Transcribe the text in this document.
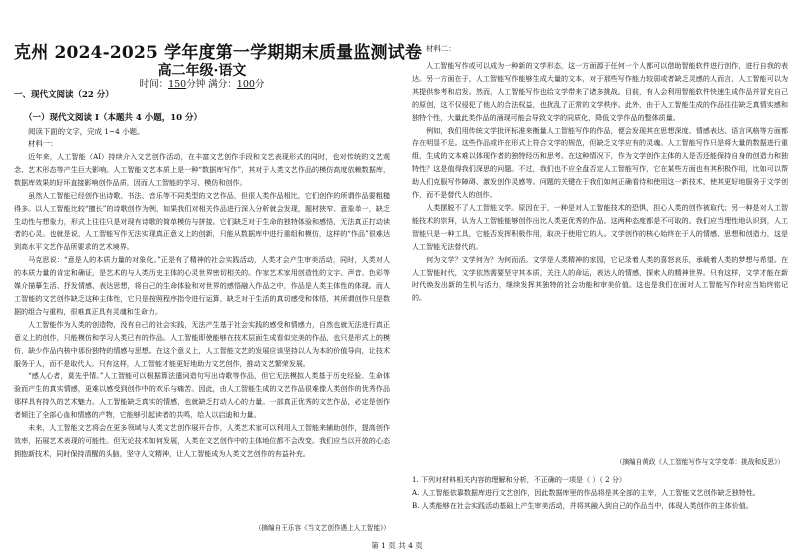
克州 2024-2025 学年度第一学期期末质量监测试卷
高二年级·语文
时间：150分钟 满分：100分
一、现代文阅读（22 分）
（一）现代文阅读 I（本题共 4 小题，10 分）
阅读下面的文字，完成 1~4 小题。
材料一：

近年来，人工智能（AI）持续介入文艺创作活动，在丰富文艺创作手段和文艺表现形式的同时，也对传统的文艺观念、艺术形态等产生巨大影响。人工智能文艺本质上是一种“数据库写作”，其对于人类文艺作品的模仿高度依赖数据库，数据库效果的好坏直接影响创作品质，因而人工智能的学习、模仿和创作。

虽然人工智能已经创作出诗歌、书法、音乐等不同类型的文艺作品，但很人类作品相比，它们创作的所谓作品要粗糙得多。以人工智能比较“擅长”的诗歌创作为例，如果我们对相关作品进行深入分析就会发现，题材狭窄、意象单一，缺乏生动性与想象力，形式上往往只是对现有诗歌的简单模仿与拼接。它们缺乏对于生命的独特体验和感悟，无法真正打动读者的心灵。也就是说，人工智能写作无法实现真正意义上的创新，只能从数据库中进行重组和模仿，这样的“作品”很难达到高水平文艺作品所要求的艺术境界。

马克思说：“意是人的本质力量的对象化。”正是有了精神的社会实践活动，人类才会产生审美活动，同时，人类对人的本质力量的肯定和确证，是艺术的与人类历史主体的心灵世界密切相关的。作家艺术家用创造性的文字、声音、色彩等媒介描摹生活、抒发情感、表达思想，将自己的生命体验和对世界的感悟融入作品之中，作品是人类主体性的体现。而人工智能的文艺创作缺乏这种主体性，它只是按照程序指令进行运算，缺乏对于生活的真切感受和体悟，其所谓创作只是数据的组合与重构，很难真正具有灵魂和生命力。

人工智能作为人类的创造物，没有自己的社会实践，无法产生基于社会实践的感受和情感力，自然也就无法进行真正意义上的创作，只能模仿和学习人类已有的作品。人工智能即使能够在技术层面生成看似完美的作品，也只是形式上的模仿，缺少作品内核中那份独特的情感与思想。在这个意义上，人工智能文艺的发展应该坚持以人为本的价值导向，让技术服务于人，而不是取代人。只有这样，人工智能才能更好地助力文艺创作，推动文艺繁荣发展。

“感人心者，莫先乎情。”人工智能可以根据算法遣词造句写出诗歌等作品，但它无法模拟人类基于历史经验、生命体验而产生的真实情感，更难以感受到创作中的欢乐与痛苦。因此，由人工智能生成的文艺作品很难像人类创作的优秀作品那样具有持久的艺术魅力。人工智能缺乏真实的情感，也就缺乏打动人心的力量。一部真正优秀的文艺作品，必定是创作者倾注了全部心血和情感的产物，它能够引起读者的共鸣，给人以启迪和力量。

未来，人工智能文艺将会在更多领域与人类文艺创作展开合作，人类艺术家可以利用人工智能来辅助创作，提高创作效率，拓展艺术表现的可能性。但无论技术如何发展，人类在文艺创作中的主体地位都不会改变。我们应当以开放的心态拥抱新技术，同时保持清醒的头脑，坚守人文精神，让人工智能成为人类文艺创作的有益补充。

（摘编自王乐容《当文艺创作遇上人工智能》）
材料二：

人工智能写作或可以成为一种新的文学形态，这一方面源于任何一个人都可以借助智能软件进行创作，进行自我的表达。另一方面在于，人工智能写作能够生成大量的文本，对于那些写作能力较弱或者缺乏灵感的人而言，人工智能可以为其提供参考和启发。然而，人工智能写作也给文学带来了诸多挑战。目前，有人会利用智能软件快速生成作品并冒充自己的原创，这不仅侵犯了他人的合法权益，也扰乱了正常的文学秩序。此外，由于人工智能生成的作品往往缺乏真情实感和独特个性，大量此类作品的涌现可能会导致文学的同质化，降低文学作品的整体质量。

例如，我们用传统文学批评标准来衡量人工智能写作的作品，便会发现其在思想深度、情感表达、语言风格等方面都存在明显不足。这些作品或许在形式上符合文学的规范，但缺乏文学应有的灵魂。人工智能写作只是将大量的数据进行重组，生成的文本难以体现作者的独特经历和思考。在这种情况下，作为文学创作主体的人是否还能保持自身的创造力和独特性？这是值得我们深思的问题。不过，我们也不应全盘否定人工智能写作，它在某些方面也有其积极作用，比如可以帮助人们克服写作障碍、激发创作灵感等。问题的关键在于我们如何正确看待和使用这一新技术，使其更好地服务于文学创作，而不是替代人的创作。

人类摆脱不了人工智能文学。原因在于，一种是对人工智能技术的恐惧，担心人类的创作被取代；另一种是对人工智能技术的崇拜，认为人工智能能够创作出比人类更优秀的作品。这两种态度都是不可取的。我们应当理性地认识到，人工智能只是一种工具，它能否发挥积极作用，取决于使用它的人。文学创作的核心始终在于人的情感、思想和创造力，这是人工智能无法替代的。

何为文学？文学何为？为何而活。文学是人类精神的家园，它记录着人类的喜怒哀乐，承载着人类的梦想与希望。在人工智能时代，文学依然需要坚守其本质，关注人的命运，表达人的情感，探索人的精神世界。只有这样，文学才能在新时代焕发出新的生机与活力，继续发挥其独特的社会功能和审美价值。这也是我们在面对人工智能写作时应当始终铭记的。

（摘编自黄政《人工智能写作与文学变革：挑战和反思》）
1. 下列对材料相关内容的理解和分析，不正确的一项是（ ）（ 2 分）
A. 人工智能依靠数据库进行文艺创作，因此数据库里的作品将是其全部的主宰，人工智能文艺创作缺乏独特性。
B. 人类能够在社会实践活动基础上产生审美活动，并将其融入到自己的作品当中，体现人类创作的主体价值。
第 1 页 共 4 页
